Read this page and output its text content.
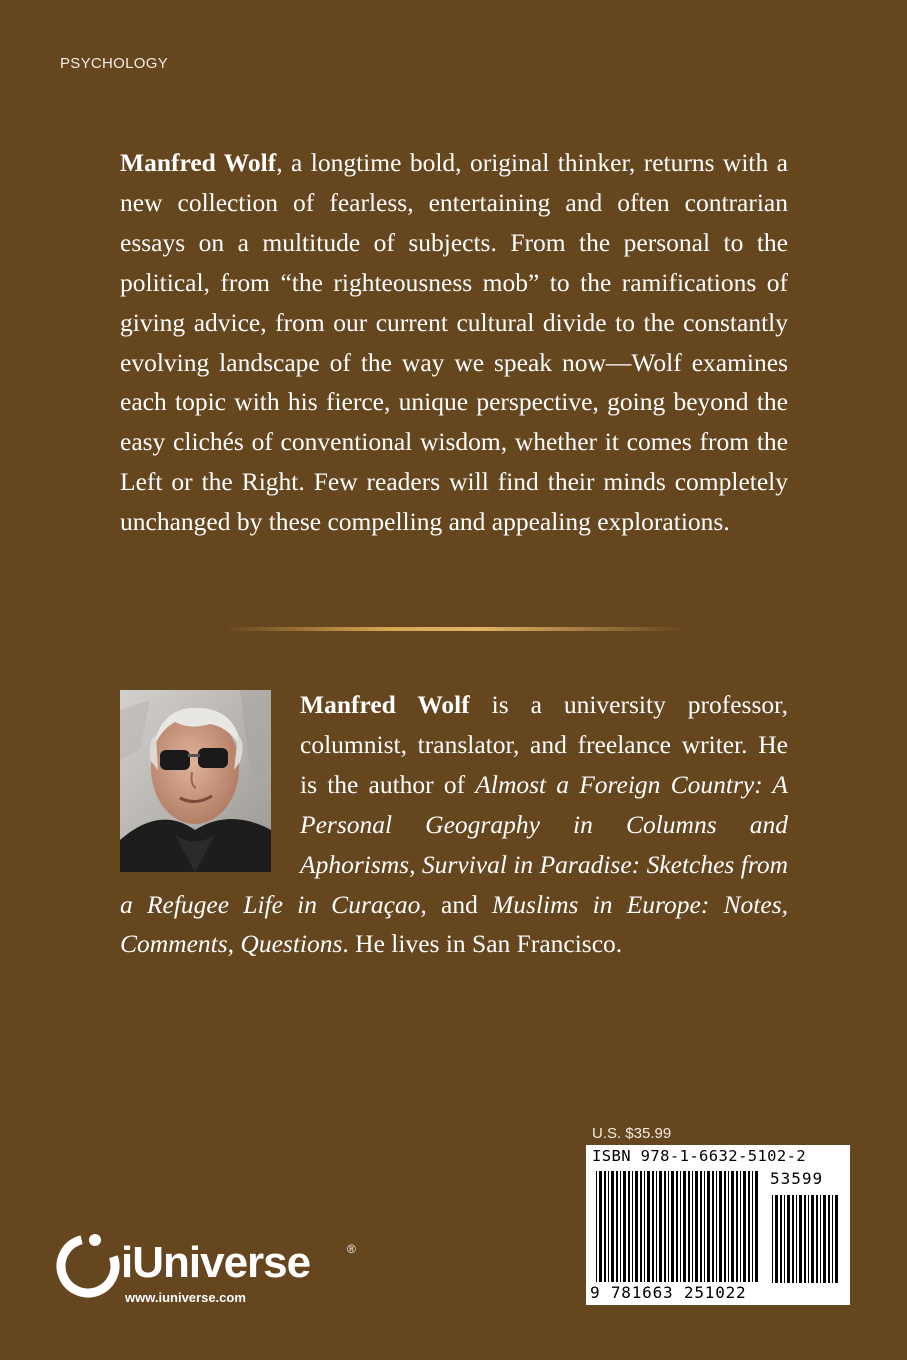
PSYCHOLOGY
Manfred Wolf, a longtime bold, original thinker, returns with a new collection of fearless, entertaining and often contrarian essays on a multitude of subjects. From the personal to the political, from “the righteousness mob” to the ramifications of giving advice, from our current cultural divide to the constantly evolving landscape of the way we speak now—Wolf examines each topic with his fierce, unique perspective, going beyond the easy clichés of conventional wisdom, whether it comes from the Left or the Right. Few readers will find their minds completely unchanged by these compelling and appealing explorations.
Manfred Wolf is a university professor, columnist, translator, and freelance writer. He is the author of Almost a Foreign Country: A Personal Geography in Columns and Aphorisms, Survival in Paradise: Sketches from a Refugee Life in Curaçao, and Muslims in Europe: Notes, Comments, Questions. He lives in San Francisco.
U.S. $35.99
ISBN 978-1-6632-5102-2
53599
9 781663 251022
iUniverse	®
www.iuniverse.com
